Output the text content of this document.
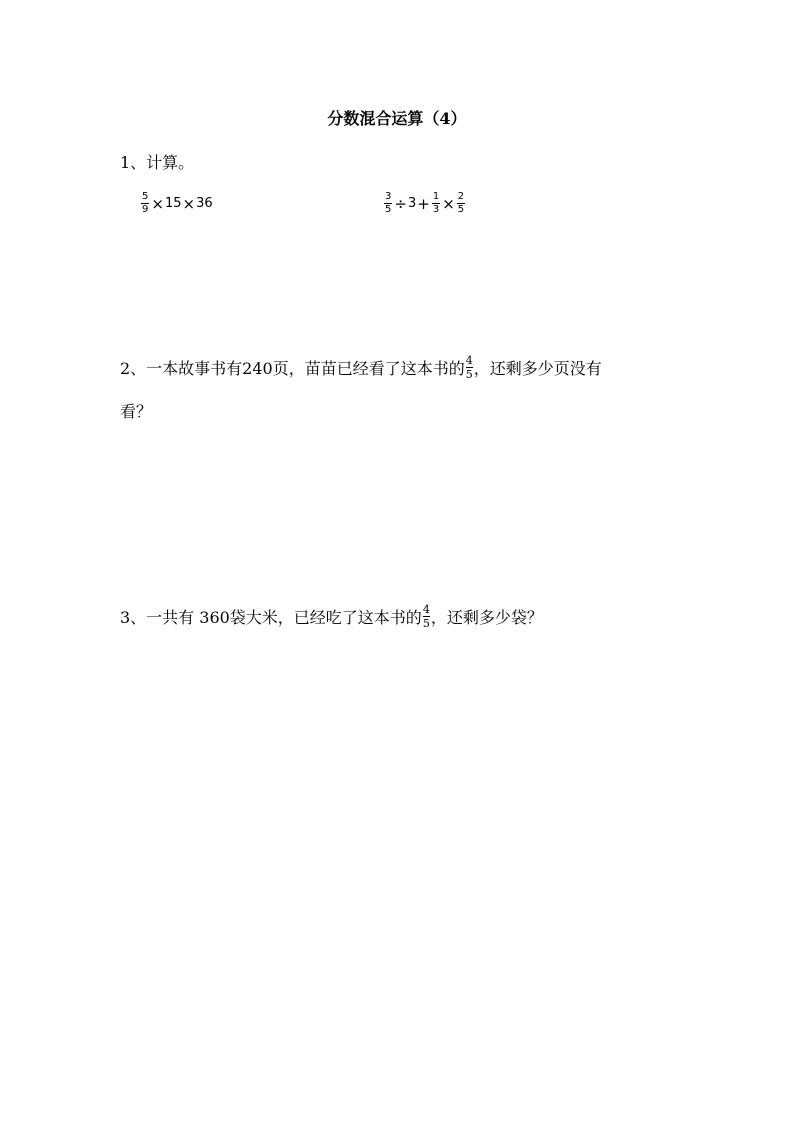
分数混合运算（4）
1、计算。
$\frac{5}{9} \times 15 \times 36$	$\frac{3}{5} \div 3 + \frac{1}{3} \times \frac{2}{5}$
2、一本故事书有240页，苗苗已经看了这本书的 $\frac{4}{5}$ ，还剩多少页没有
看？
3、一共有 360袋大米，已经吃了这本书的 $\frac{4}{5}$ ，还剩多少袋？
